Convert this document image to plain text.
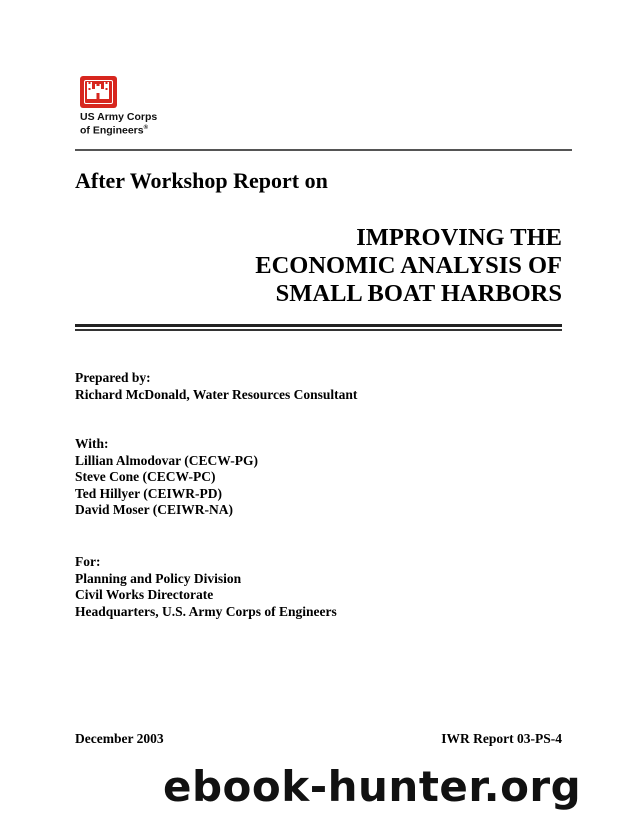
US Army Corps
of Engineers®
After Workshop Report on
IMPROVING THE
ECONOMIC ANALYSIS OF
SMALL BOAT HARBORS
Prepared by:
Richard McDonald, Water Resources Consultant
With:
Lillian Almodovar (CECW-PG)
Steve Cone (CECW-PC)
Ted Hillyer (CEIWR-PD)
David Moser (CEIWR-NA)
For:
Planning and Policy Division
Civil Works Directorate
Headquarters, U.S. Army Corps of Engineers
December 2003	IWR Report 03-PS-4
ebook-hunter.org
